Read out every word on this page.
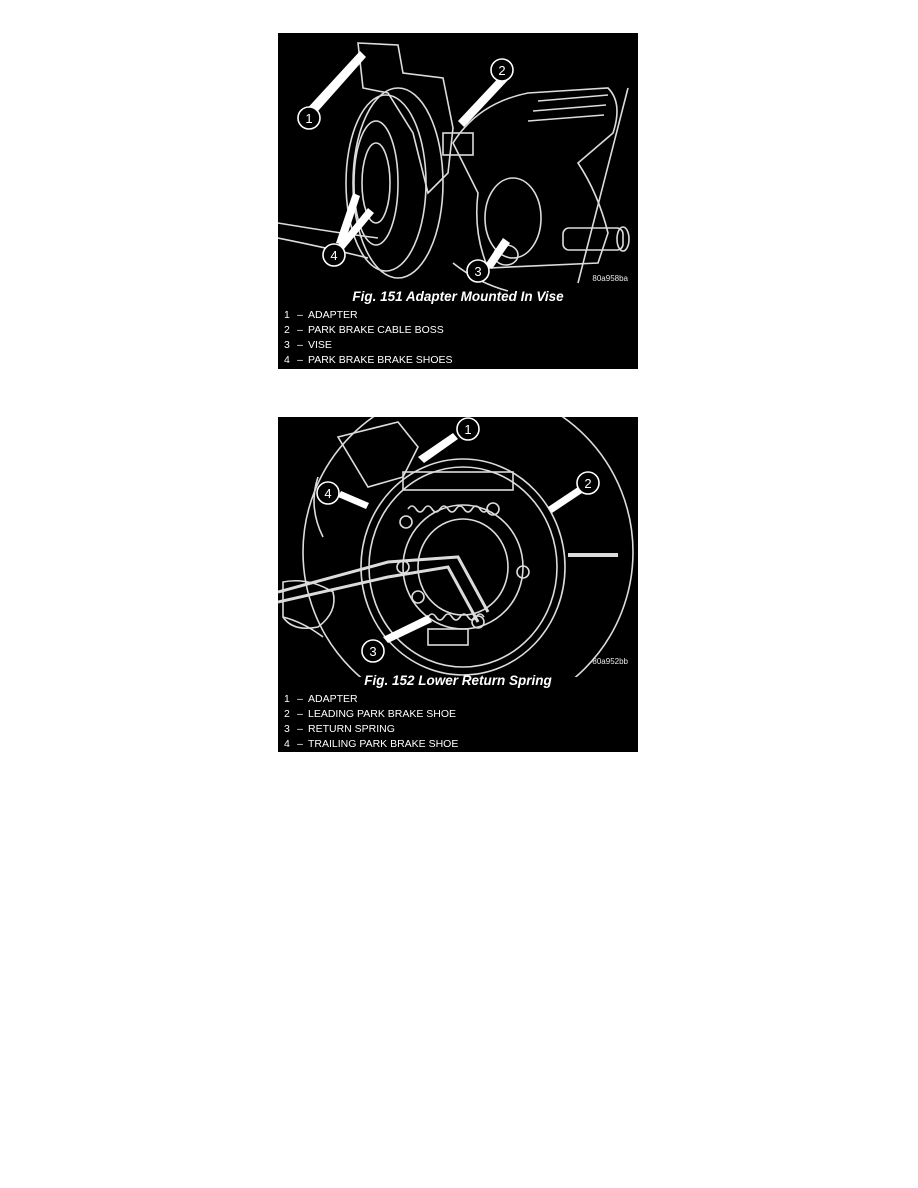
1
2
3
4
80a958ba
Fig. 151 Adapter Mounted In Vise
1 – ADAPTER
2 – PARK BRAKE CABLE BOSS
3 – VISE
4 – PARK BRAKE BRAKE SHOES
1
2
3
4
80a952bb
Fig. 152 Lower Return Spring
1 – ADAPTER
2 – LEADING PARK BRAKE SHOE
3 – RETURN SPRING
4 – TRAILING PARK BRAKE SHOE
